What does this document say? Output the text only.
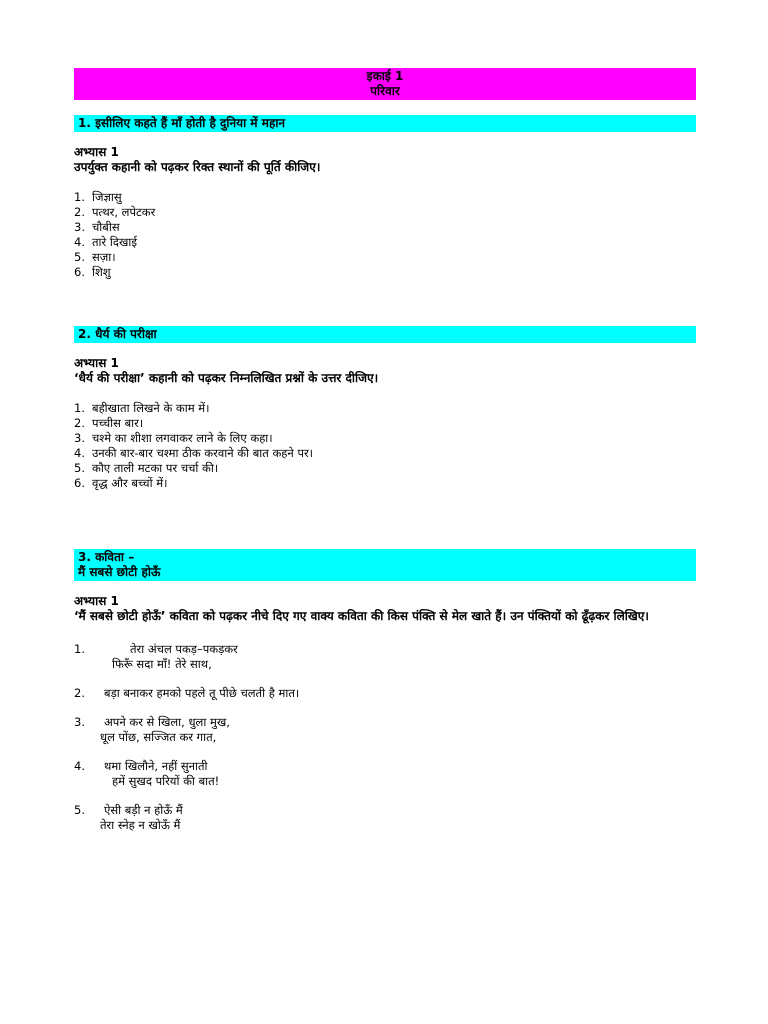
इकाई 1
परिवार
1. इसीलिए कहते हैं माँ होती है दुनिया में महान
अभ्यास 1
उपर्युक्त कहानी को पढ़कर रिक्त स्थानों की पूर्ति कीजिए।
1. जिज्ञासु
2. पत्थर, लपेटकर
3. चौबीस
4. तारे दिखाई
5. सज़ा।
6. शिशु
2. धैर्य की परीक्षा
अभ्यास 1
‘धैर्य की परीक्षा’ कहानी को पढ़कर निम्नलिखित प्रश्नों के उत्तर दीजिए।
1. बहीखाता लिखने के काम में।
2. पच्चीस बार।
3. चश्मे का शीशा लगवाकर लाने के लिए कहा।
4. उनकी बार-बार चश्मा ठीक करवाने की बात कहने पर।
5. कौए ताली मटका पर चर्चा की।
6. वृद्ध और बच्चों में।
3. कविता –
मैं सबसे छोटी होऊँ
अभ्यास 1
‘मैं सबसे छोटी होऊँ’ कविता को पढ़कर नीचे दिए गए वाक्य कविता की किस पंक्ति से मेल खाते हैं। उन पंक्तियों को ढूँढ़कर लिखिए।
1.	तेरा अंचल पकड़–पकड़कर
फिरूँ सदा माँ! तेरे साथ,
2.	बड़ा बनाकर हमको पहले तू पीछे चलती है मात।
3.	अपने कर से खिला, धुला मुख,
धूल पोंछ, सज्जित कर गात,
4.	थमा खिलौने, नहीं सुनाती
हमें सुखद परियों की बात!
5.	ऐसी बड़ी न होऊँ मैं
तेरा स्नेह न खोऊँ मैं
